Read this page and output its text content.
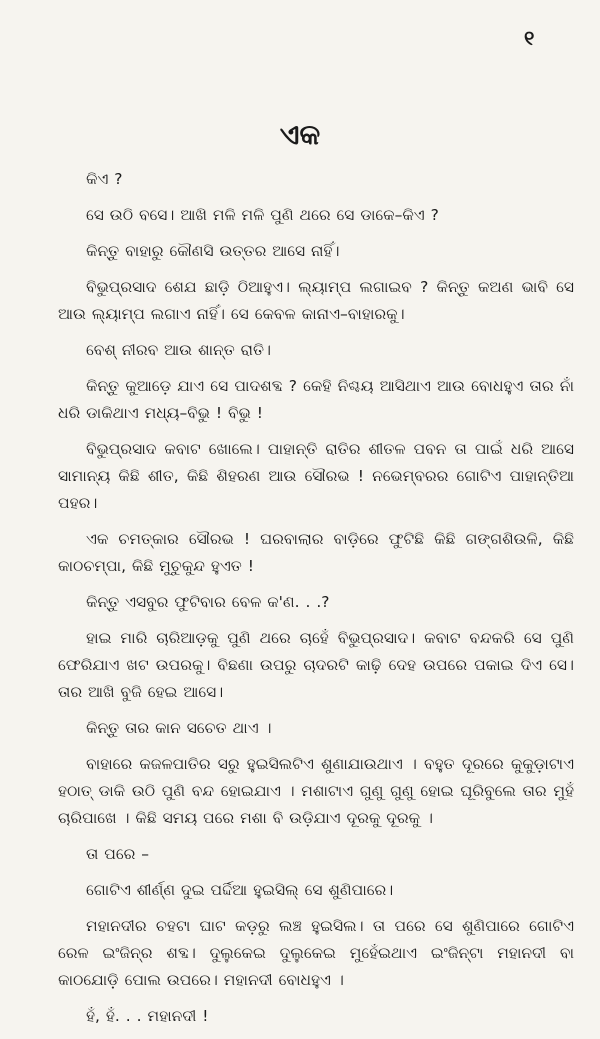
୧
ଏକ

କିଏ ?

ସେ ଉଠି ବସେ। ଆଖି ମଳି ମଳି ପୁଣି ଥରେ ସେ ଡାକେ–କିଏ ?

କିନ୍ତୁ ବାହାରୁ କୌଣସି ଉତ୍ତର ଆସେ ନାହିଁ।

ବିଭୁପ୍ରସାଦ ଶେଯ ଛାଡ଼ି ଠିଆହୁଏ। ଲ୍ୟାମ୍ପ ଲଗାଇବ ? କିନ୍ତୁ କଅଣ ଭାବି ସେ ଆଉ ଲ୍ୟାମ୍ପ ଲଗାଏ ନାହିଁ। ସେ କେବଳ କାନାଏ–ବାହାରକୁ।

ବେଶ୍ ନୀରବ ଆଉ ଶାନ୍ତ ରାତି।

କିନ୍ତୁ କୁଆଡ଼େ ଯାଏ ସେ ପାଦଶବ୍ଦ ? କେହି ନିଶ୍ଚୟ ଆସିଥାଏ ଆଉ ବୋଧହୁଏ ତାର ନାଁ ଧରି ଡାକିଥାଏ ମଧ୍ୟ–ବିଭୁ ! ବିଭୁ !

ବିଭୁପ୍ରସାଦ କବାଟ ଖୋଲେ। ପାହାନ୍ତି ରାତିର ଶୀତଳ ପବନ ତା ପାଇଁ ଧରି ଆସେ ସାମାନ୍ୟ କିଛି ଶୀତ, କିଛି ଶିହରଣ ଆଉ ସୌରଭ ! ନଭେମ୍ବରର ଗୋଟିଏ ପାହାନ୍ତିଆ ପହର।

ଏକ ଚମତ୍କାର ସୌରଭ ! ଘରବାଲାର ବାଡ଼ିରେ ଫୁଟିଛି କିଛି ଗଙ୍ଗଶିଉଳି, କିଛି କାଠଚମ୍ପା, କିଛି ମୁଚୁକୁନ୍ଦ ହୁଏତ !

କିନ୍ତୁ ଏସବୁର ଫୁଟିବାର ବେଳ କ'ଣ. . .?

ହାଇ ମାରି ଚାରିଆଡ଼କୁ ପୁଣି ଥରେ ଚାହେଁ ବିଭୁପ୍ରସାଦ। କବାଟ ବନ୍ଦକରି ସେ ପୁଣି ଫେରିଯାଏ ଖଟ ଉପରକୁ। ବିଛଣା ଉପରୁ ଚାଦରଟି କାଢ଼ି ଦେହ ଉପରେ ପକାଇ ଦିଏ ସେ। ତାର ଆଖି ବୁଜି ହେଇ ଆସେ।

କିନ୍ତୁ ତାର କାନ ସଚେତ ଥାଏ ।

ବାହାରେ କଜଳପାତିର ସରୁ ହୁଇସିଲଟିଏ ଶୁଣାଯାଉଥାଏ । ବହୁତ ଦୂରରେ କୁକୁଡ଼ାଟାଏ ହଠାତ୍ ଡାକି ଉଠି ପୁଣି ବନ୍ଦ ହୋଇଯାଏ । ମଶାଟାଏ ଗୁଣୁ ଗୁଣୁ ହୋଇ ଘୂରିବୁଲେ ତାର ମୁହଁ ଚାରିପାଖେ । କିଛି ସମୟ ପରେ ମଶା ବି ଉଡ଼ିଯାଏ ଦୂରକୁ ଦୂରକୁ ।

ତା ପରେ –

ଗୋଟିଏ ଶୀର୍ଣ୍ଣ ଦୁଇ ପର୍ଦ୍ଦିଆ ହୁଇସିଲ୍ ସେ ଶୁଣିପାରେ।

ମହାନଦୀର ଚହଟା ଘାଟ କଡ଼ରୁ ଲଞ୍ଚ ହୁଇସିଲ। ତା ପରେ ସେ ଶୁଣିପାରେ ଗୋଟିଏ ରେଳ ଇଂଜିନ୍‌ର ଶବ୍ଦ। ଦୁଲୁକେଇ ଦୁଲୁକେଇ ମୁହେଁଇଥାଏ ଇଂଜିନ୍‌ଟା ମହାନଦୀ ବା କାଠଯୋଡ଼ି ପୋଲ ଉପରେ। ମହାନଦୀ ବୋଧହୁଏ ।

ହଁ, ହଁ. . . ମହାନଦୀ !
